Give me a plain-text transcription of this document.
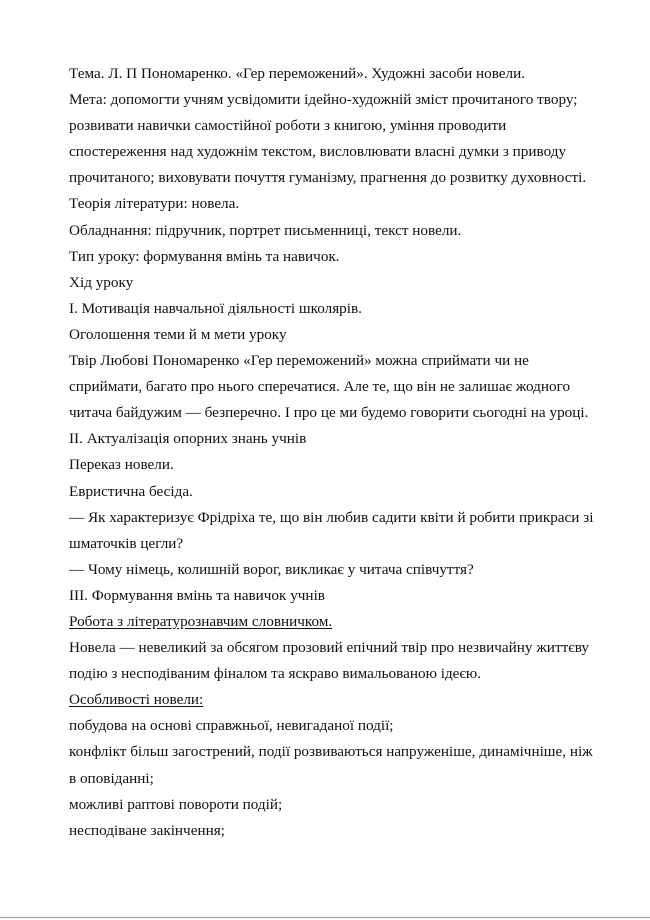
Тема. Л. П Пономаренко. «Гер переможений». Художні засоби новели.

Мета: допомогти учням усвідомити ідейно-художній зміст прочитаного твору;

розвивати навички самостійної роботи з книгою, уміння проводити

спостереження над художнім текстом, висловлювати власні думки з приводу

прочитаного; виховувати почуття гуманізму, прагнення до розвитку духовності.

Теорія літератури: новела.

Обладнання: підручник, портрет письменниці, текст новели.

Тип уроку: формування вмінь та навичок.

Хід уроку

І. Мотивація навчальної діяльності школярів.

Оголошення теми й м мети уроку

Твір Любові Пономаренко «Гер переможений» можна сприймати чи не

сприймати, багато про нього сперечатися. Але те, що він не залишає жодного

читача байдужим — безперечно. І про це ми будемо говорити сьогодні на уроці.

ІІ. Актуалізація опорних знань учнів

Переказ новели.

Евристична бесіда.

— Як характеризує Фрідріха те, що він любив садити квіти й робити прикраси зі

шматочків цегли?

— Чому німець, колишній ворог, викликає у читача співчуття?

ІІІ. Формування вмінь та навичок учнів

Робота з літературознавчим словничком.

Новела — невеликий за обсягом прозовий епічний твір про незвичайну життєву

подію з несподіваним фіналом та яскраво вимальованою ідеєю.

Особливості новели:

побудова на основі справжньої, невигаданої події;

конфлікт більш загострений, події розвиваються напруженіше, динамічніше, ніж

в оповіданні;

можливі раптові повороти подій;

несподіване закінчення;
